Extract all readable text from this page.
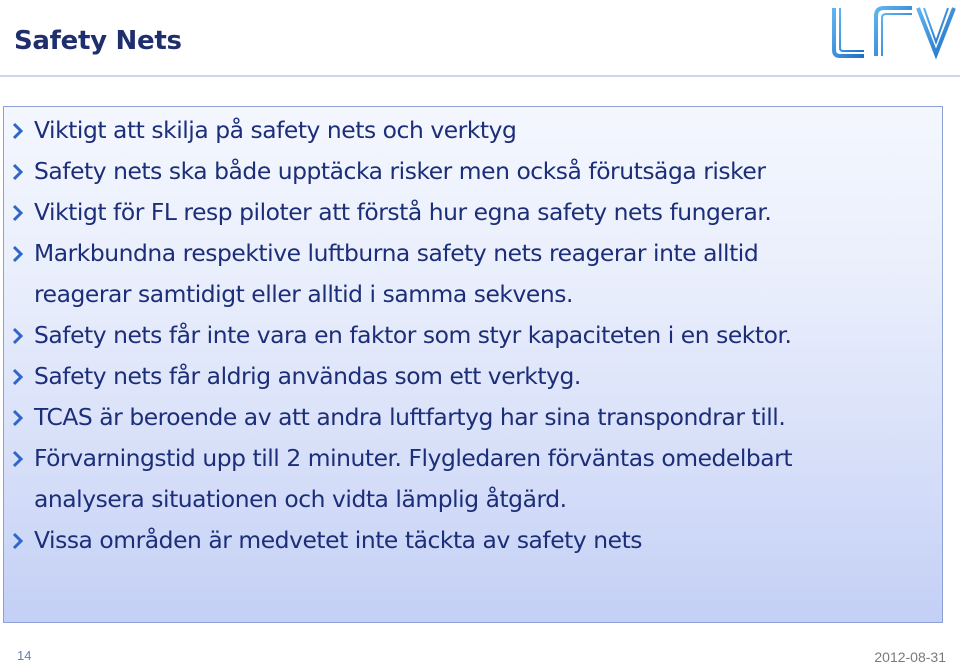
Safety Nets	LFV
Viktigt att skilja på safety nets och verktyg
Safety nets ska både upptäcka risker men också förutsäga risker
Viktigt för FL resp piloter att förstå hur egna safety nets fungerar.
Markbundna respektive luftburna safety nets reagerar inte alltid
reagerar samtidigt eller alltid i samma sekvens.
Safety nets får inte vara en faktor som styr kapaciteten i en sektor.
Safety nets får aldrig användas som ett verktyg.
TCAS är beroende av att andra luftfartyg har sina transpondrar till.
Förvarningstid upp till 2 minuter. Flygledaren förväntas omedelbart
analysera situationen och vidta lämplig åtgärd.
Vissa områden är medvetet inte täckta av safety nets
14	2012-08-31
